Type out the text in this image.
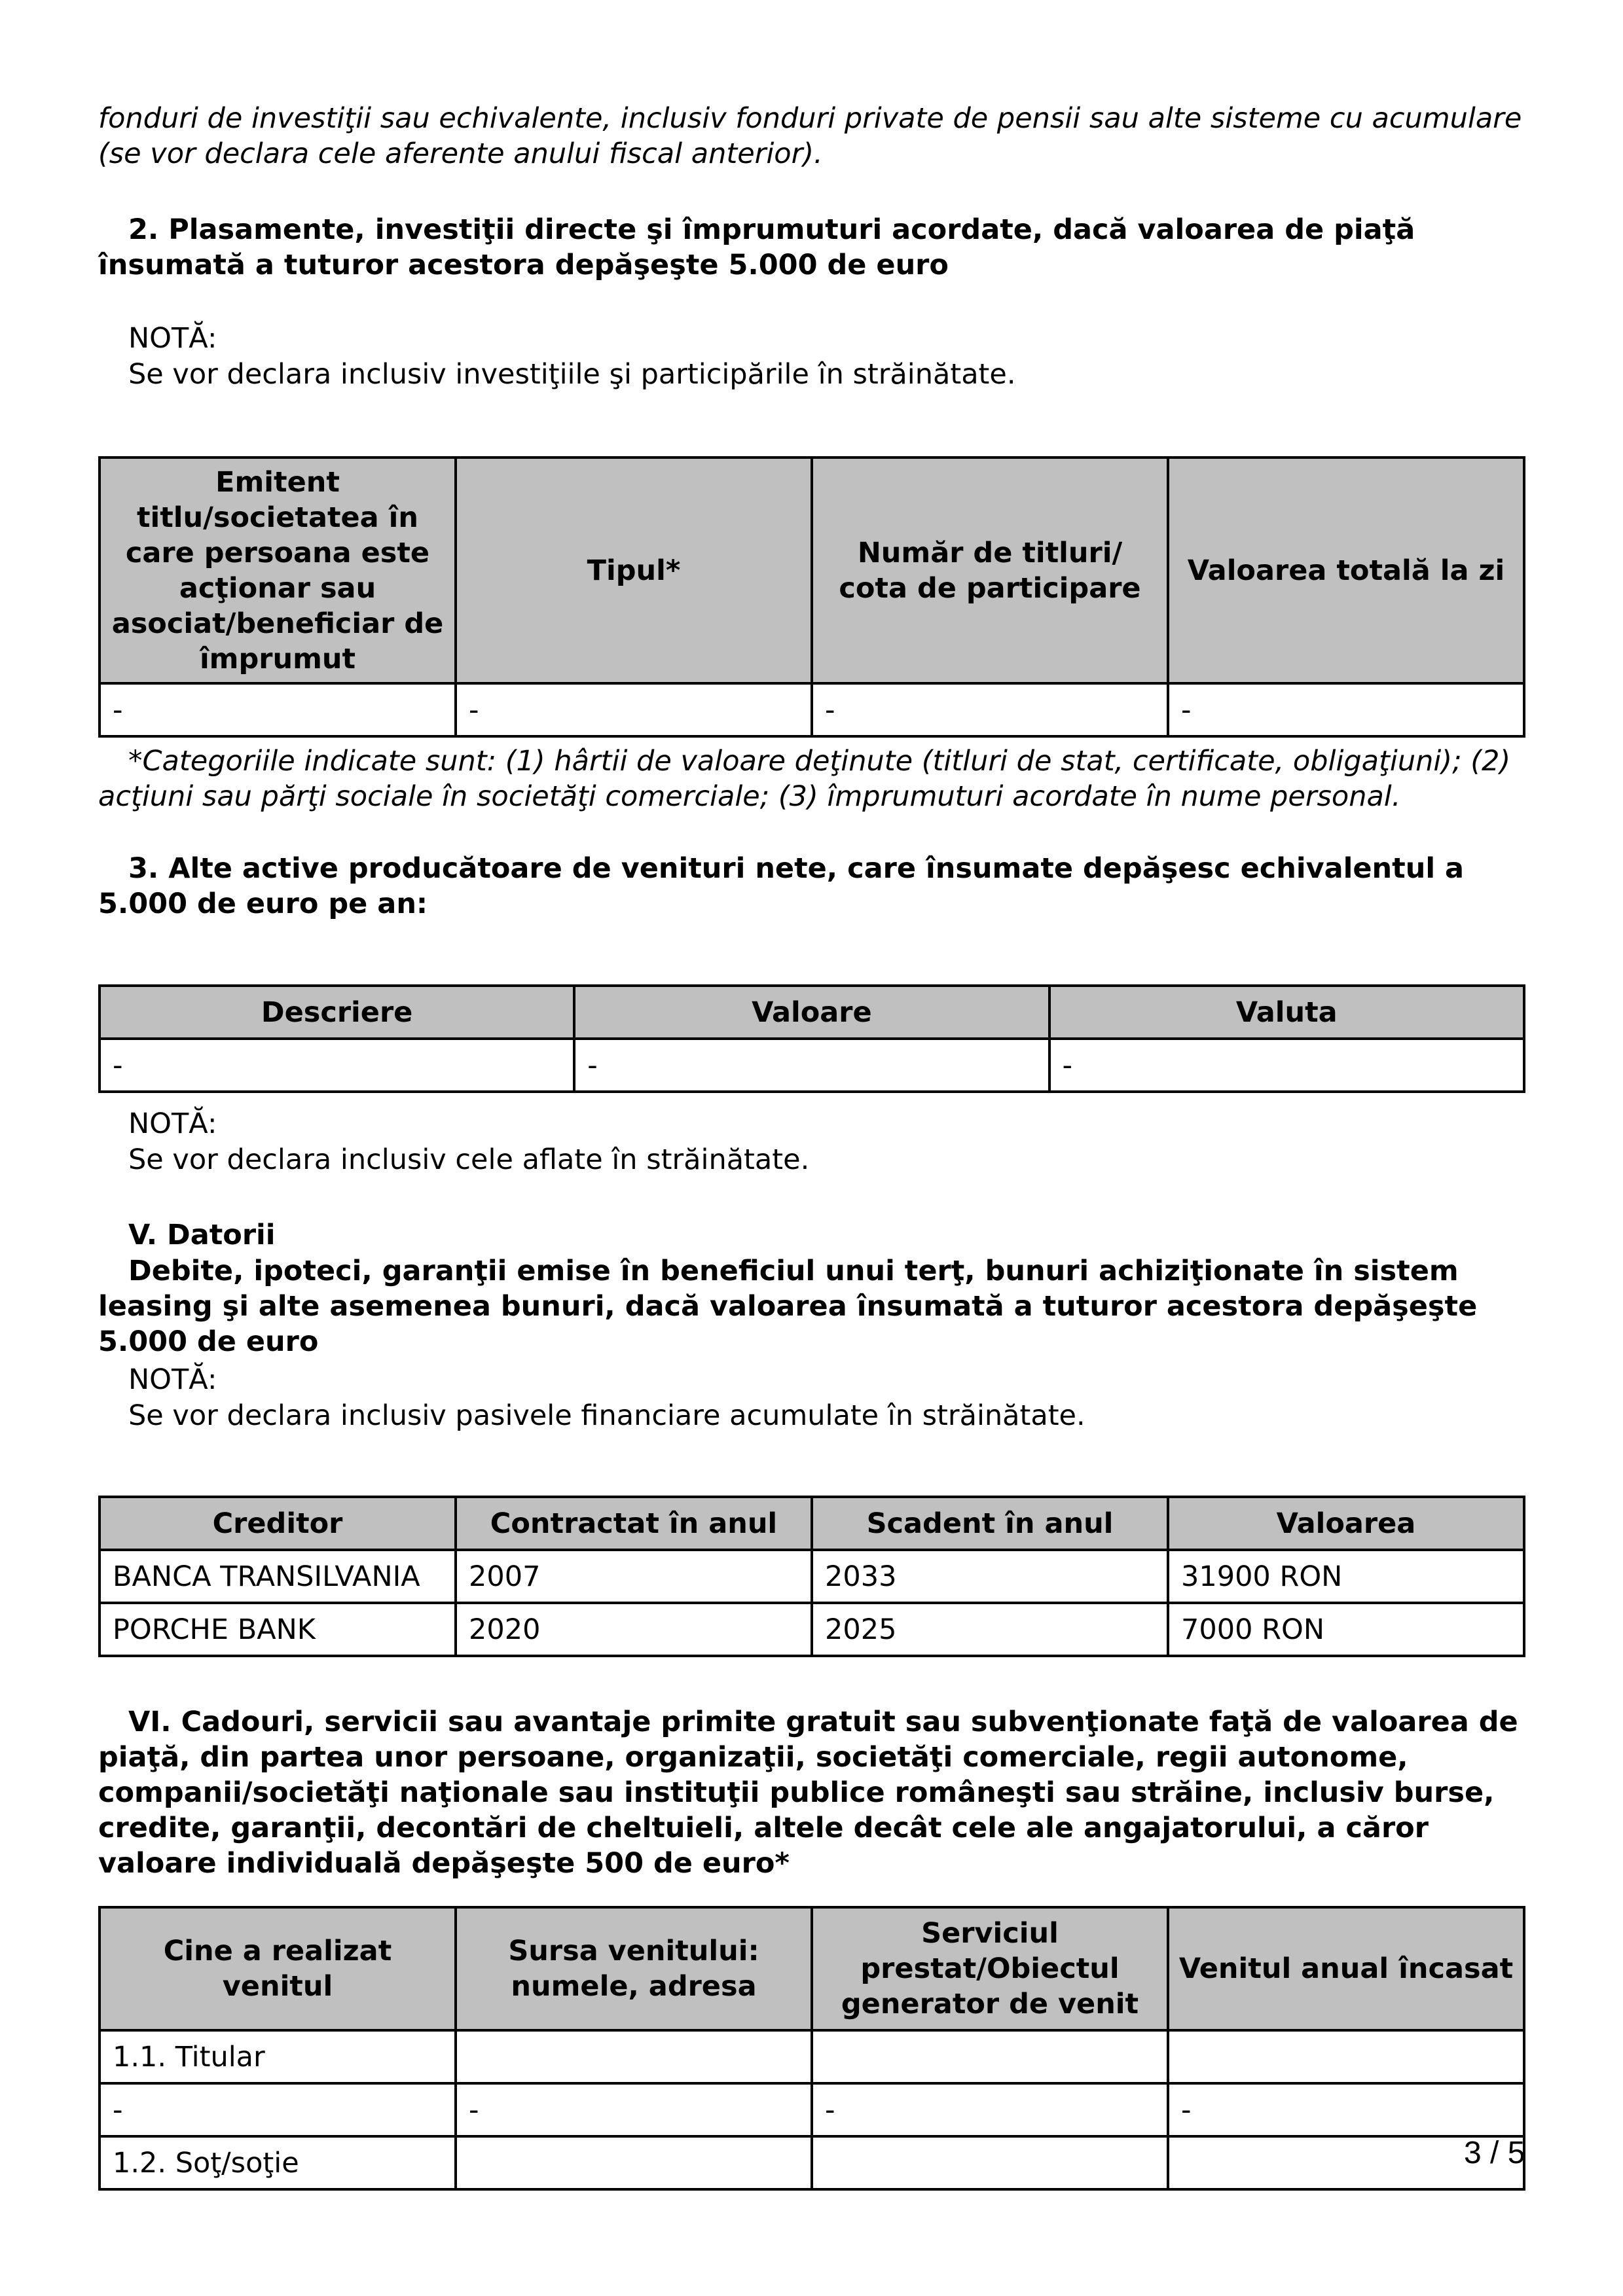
fonduri de investiţii sau echivalente, inclusiv fonduri private de pensii sau alte sisteme cu acumulare (se vor declara cele aferente anului fiscal anterior).
2. Plasamente, investiţii directe şi împrumuturi acordate, dacă valoarea de piaţă însumată a tuturor acestora depăşeşte 5.000 de euro
NOTĂ:
Se vor declara inclusiv investiţiile şi participările în străinătate.
Emitent titlu/societatea în care persoana este acţionar sau asociat/beneficiar de împrumut	Tipul*	Număr de titluri/ cota de participare	Valoarea totală la zi
-	-	-	-
*Categoriile indicate sunt: (1) hârtii de valoare deţinute (titluri de stat, certificate, obligaţiuni); (2) acţiuni sau părţi sociale în societăţi comerciale; (3) împrumuturi acordate în nume personal.
3. Alte active producătoare de venituri nete, care însumate depăşesc echivalentul a 5.000 de euro pe an:
Descriere	Valoare	Valuta
-	-	-
NOTĂ:
Se vor declara inclusiv cele aflate în străinătate.
V. Datorii
Debite, ipoteci, garanţii emise în beneficiul unui terţ, bunuri achiziţionate în sistem leasing şi alte asemenea bunuri, dacă valoarea însumată a tuturor acestora depăşeşte 5.000 de euro
NOTĂ:
Se vor declara inclusiv pasivele financiare acumulate în străinătate.
Creditor	Contractat în anul	Scadent în anul	Valoarea
BANCA TRANSILVANIA	2007	2033	31900 RON
PORCHE BANK	2020	2025	7000 RON
VI. Cadouri, servicii sau avantaje primite gratuit sau subvenţionate faţă de valoarea de piaţă, din partea unor persoane, organizaţii, societăţi comerciale, regii autonome, companii/societăţi naţionale sau instituţii publice româneşti sau străine, inclusiv burse, credite, garanţii, decontări de cheltuieli, altele decât cele ale angajatorului, a căror valoare individuală depăşeşte 500 de euro*
Cine a realizat venitul	Sursa venitului: numele, adresa	Serviciul prestat/Obiectul generator de venit	Venitul anual încasat
1.1. Titular			
-	-	-	-
1.2. Soţ/soţie				3 / 5
